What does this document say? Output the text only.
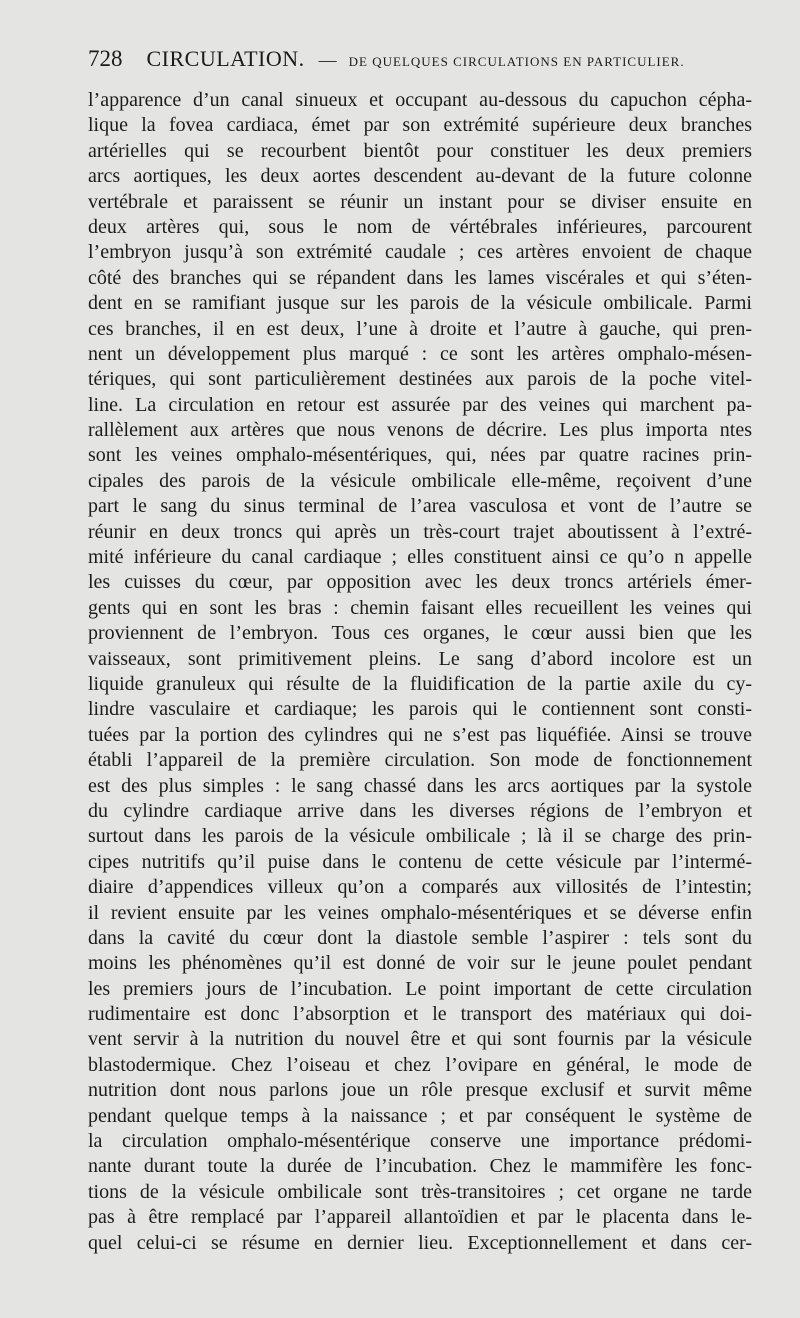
728 CIRCULATION. — DE QUELQUES CIRCULATIONS EN PARTICULIER.
l’apparence d’un canal sinueux et occupant au-dessous du capuchon cépha-
lique la fovea cardiaca, émet par son extrémité supérieure deux branches
artérielles qui se recourbent bientôt pour constituer les deux premiers
arcs aortiques, les deux aortes descendent au-devant de la future colonne
vertébrale et paraissent se réunir un instant pour se diviser ensuite en
deux artères qui, sous le nom de vértébrales inférieures, parcourent
l’embryon jusqu’à son extrémité caudale ; ces artères envoient de chaque
côté des branches qui se répandent dans les lames viscérales et qui s’éten-
dent en se ramifiant jusque sur les parois de la vésicule ombilicale. Parmi
ces branches, il en est deux, l’une à droite et l’autre à gauche, qui pren-
nent un développement plus marqué : ce sont les artères omphalo-mésen-
tériques, qui sont particulièrement destinées aux parois de la poche vitel-
line. La circulation en retour est assurée par des veines qui marchent pa-
rallèlement aux artères que nous venons de décrire. Les plus importa ntes
sont les veines omphalo-mésentériques, qui, nées par quatre racines prin-
cipales des parois de la vésicule ombilicale elle-même, reçoivent d’une
part le sang du sinus terminal de l’area vasculosa et vont de l’autre se
réunir en deux troncs qui après un très-court trajet aboutissent à l’extré-
mité inférieure du canal cardiaque ; elles constituent ainsi ce qu’o n appelle
les cuisses du cœur, par opposition avec les deux troncs artériels émer-
gents qui en sont les bras : chemin faisant elles recueillent les veines qui
proviennent de l’embryon. Tous ces organes, le cœur aussi bien que les
vaisseaux, sont primitivement pleins. Le sang d’abord incolore est un
liquide granuleux qui résulte de la fluidification de la partie axile du cy-
lindre vasculaire et cardiaque; les parois qui le contiennent sont consti-
tuées par la portion des cylindres qui ne s’est pas liquéfiée. Ainsi se trouve
établi l’appareil de la première circulation. Son mode de fonctionnement
est des plus simples : le sang chassé dans les arcs aortiques par la systole
du cylindre cardiaque arrive dans les diverses régions de l’embryon et
surtout dans les parois de la vésicule ombilicale ; là il se charge des prin-
cipes nutritifs qu’il puise dans le contenu de cette vésicule par l’intermé-
diaire d’appendices villeux qu’on a comparés aux villosités de l’intestin;
il revient ensuite par les veines omphalo-mésentériques et se déverse enfin
dans la cavité du cœur dont la diastole semble l’aspirer : tels sont du
moins les phénomènes qu’il est donné de voir sur le jeune poulet pendant
les premiers jours de l’incubation. Le point important de cette circulation
rudimentaire est donc l’absorption et le transport des matériaux qui doi-
vent servir à la nutrition du nouvel être et qui sont fournis par la vésicule
blastodermique. Chez l’oiseau et chez l’ovipare en général, le mode de
nutrition dont nous parlons joue un rôle presque exclusif et survit même
pendant quelque temps à la naissance ; et par conséquent le système de
la circulation omphalo-mésentérique conserve une importance prédomi-
nante durant toute la durée de l’incubation. Chez le mammifère les fonc-
tions de la vésicule ombilicale sont très-transitoires ; cet organe ne tarde
pas à être remplacé par l’appareil allantoïdien et par le placenta dans le-
quel celui-ci se résume en dernier lieu. Exceptionnellement et dans cer-
